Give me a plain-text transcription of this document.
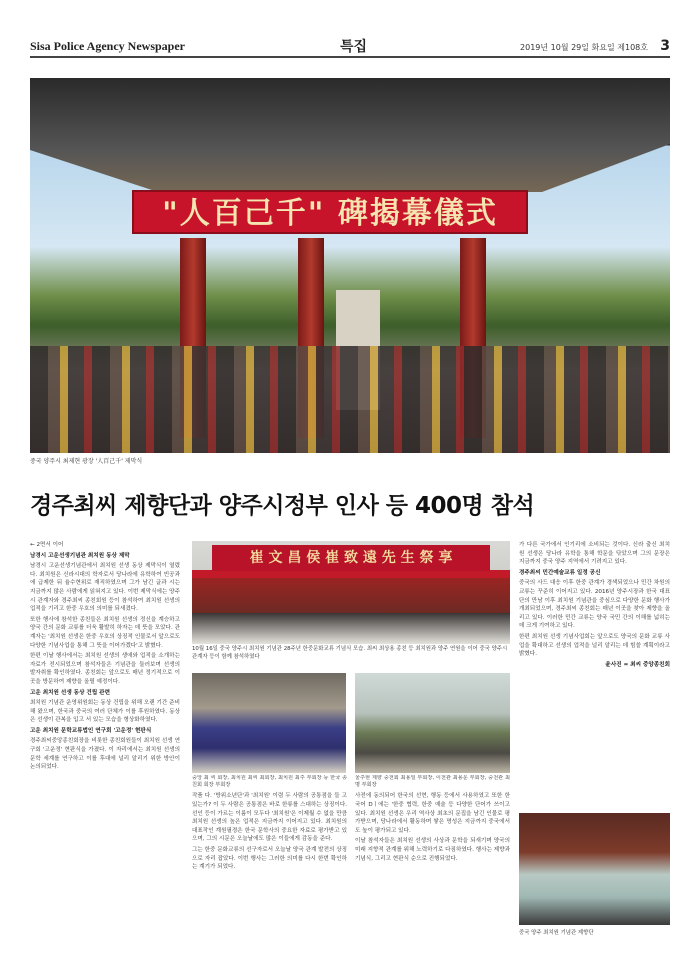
Sisa Police Agency Newspaper	특집	2019년 10월 29일 화요일 제108호 3
"人百己千" 碑揭幕儀式
중국 양주시 최제현 광장 '人百己千' 제막식
경주최씨 제향단과 양주시정부 인사 등 400명 참석

← 2면서 이어

남경시 고운선생기념관 최치원 동상 제막

남경시 고운선생기념관에서 최치원 선생 동상 제막식이 열렸다. 최치원은 신라시대의 학자로서 당나라에 유학하여 빈공과에 급제한 뒤 율수현위로 재직하였으며 그가 남긴 글과 시는 지금까지 많은 사람에게 읽혀지고 있다. 이번 제막식에는 양주시 관계자와 경주최씨 종친회원 등이 참석하여 최치원 선생의 업적을 기리고 한중 우호의 의미를 되새겼다.

또한 행사에 참석한 종친들은 최치원 선생의 정신을 계승하고 양국 간의 문화 교류를 더욱 활발히 하자는 데 뜻을 모았다. 관계자는 '최치원 선생은 한중 우호의 상징적 인물로서 앞으로도 다양한 기념사업을 통해 그 뜻을 이어가겠다'고 밝혔다.

한편 이날 행사에서는 최치원 선생의 생애와 업적을 소개하는 자료가 전시되었으며 참석자들은 기념관을 둘러보며 선생의 발자취를 확인하였다. 종친회는 앞으로도 매년 정기적으로 이곳을 방문하여 제향을 올릴 예정이다.

고운 최치원 선생 동상 건립 관련

최치원 기념관 운영위원회는 동상 건립을 위해 오랜 기간 준비해 왔으며, 한국과 중국의 여러 단체가 이를 후원하였다. 동상은 선생이 관복을 입고 서 있는 모습을 형상화하였다.

고운 최치원 문학교류법인 연구회 '고운정' 현판식

경주최씨중앙종친회장을 비롯한 종친회원들이 최치원 선생 연구회 '고운정' 현판식을 가졌다. 이 자리에서는 최치원 선생의 문학 세계를 연구하고 이를 후대에 널리 알리기 위한 방안이 논의되었다.

崔 文 昌 侯 崔 致 遠 先 生 祭 享
10월 16일 중국 양주시 최치원 기념관 28주년 한중문화교류 기념식 모습. 최씨 최상용 종친 등 최치원과 양주 연원을 이어 중국 양주시 관계자 등이 함께 참석하였다

중앙 최 씨 회장, 최치원 최씨 최회장, 최치원 최주 부회장 등 한국 종친회 회장 부회장

작품 다. '방위소년단'과 '최치원' 이렴 두 사람의 공통점을 들 고 있는가? 이 두 사람은 공통점은 바로 한류를 스대하는 상징이다. 선인 등이 가르는 이름이 모두다 '최치원'은 이제월 수 없을 만큼 최치원 선생의 높은 업적은 지금까지 이어지고 있다. 최치원의 대표작인 계원필경은 한국 문학사의 중요한 자료로 평가받고 있으며, 그의 시문은 오늘날에도 많은 이들에게 감동을 준다.

그는 한중 문화교류의 선구자로서 오늘날 양국 관계 발전의 상징으로 자리 잡았다. 이번 행사는 그러한 의미를 다시 한번 확인하는 계기가 되었다.

울주현 제향 중천회 최용일 부회장, 이천관 최용운 부회장, 중천관 최명 부회장

사전에 동의되어 한국의 선현, 행동 등에서 사용하였고 또한 한국어 Dㅣ에는 '한중 협력, 한중 예술 등 다양한 단어가 쓰이고 있다. 최치원 선생은 우리 역사상 최초의 문집을 남긴 인물로 평가받으며, 당나라에서 활동하며 쌓은 명성은 지금까지 중국에서도 높이 평가되고 있다.

이날 참석자들은 최치원 선생의 사상과 문학을 되새기며 양국의 미래 지향적 관계를 위해 노력하기로 다짐하였다. 행사는 제향과 기념식, 그리고 현판식 순으로 진행되었다.

가 다른 국가에서 인기리에 소비되는 것이다. 신라 출신 최치원 선생은 당나라 유학을 통해 학문을 닦았으며 그의 문장은 지금까지 중국 양주 지역에서 기려지고 있다.

경주최씨 민간예술교류 일정 공신

중국의 사드 대응 이후 한중 관계가 경색되었으나 민간 차원의 교류는 꾸준히 이어지고 있다. 2016년 양주시장과 한국 대표단의 만남 이후 최치원 기념관을 중심으로 다양한 문화 행사가 개최되었으며, 경주최씨 종친회는 매년 이곳을 찾아 제향을 올리고 있다. 이러한 민간 교류는 양국 국민 간의 이해를 넓히는 데 크게 기여하고 있다.

한편 최치원 선생 기념사업회는 앞으로도 양국의 문화 교류 사업을 확대하고 선생의 업적을 널리 알리는 데 힘쓸 계획이라고 밝혔다.

윤사진 = 최씨 중앙종친회
중국 양주 최치원 기념관 제향단
